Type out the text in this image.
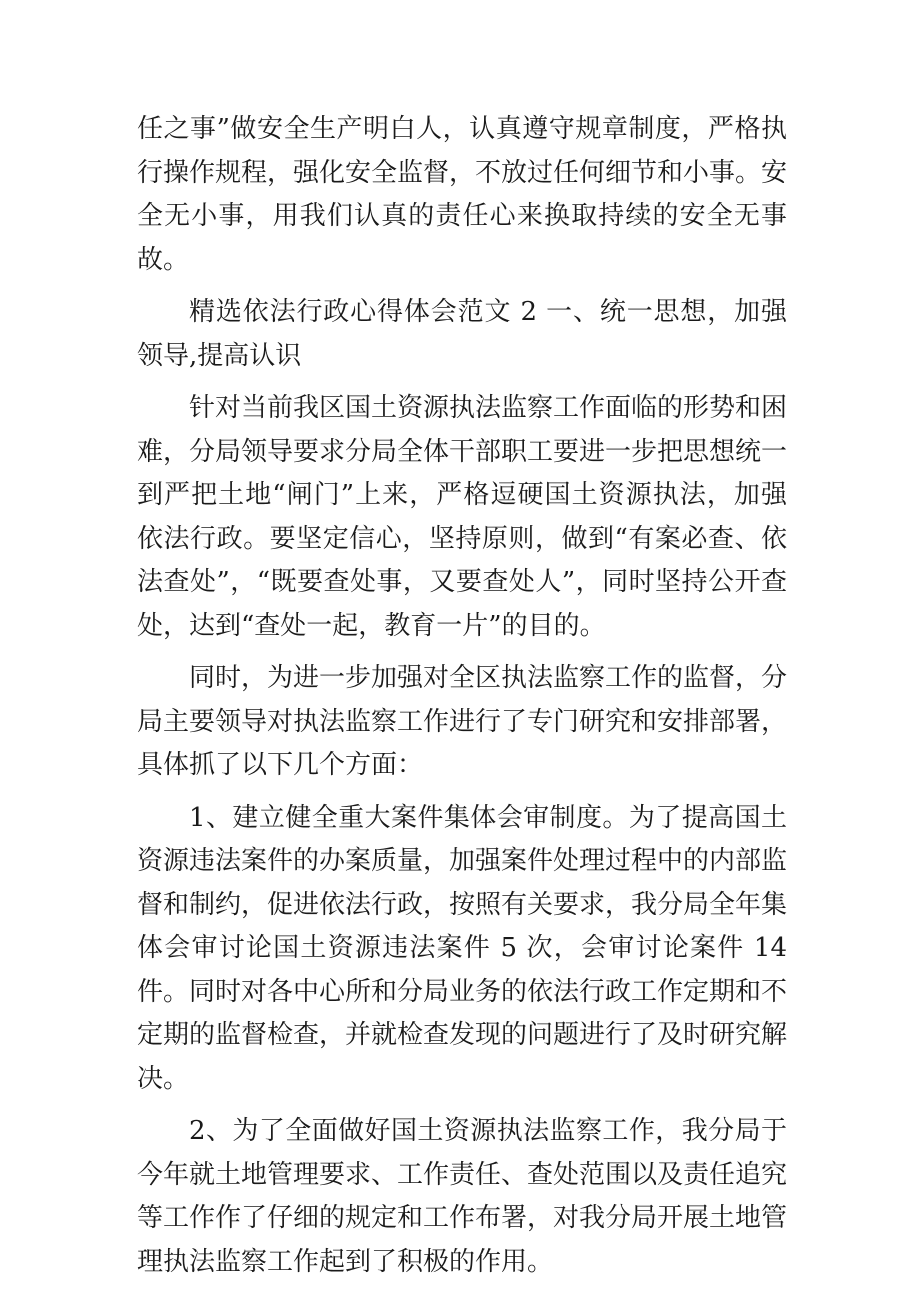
任之事”做安全生产明白人，认真遵守规章制度，严格执行操作规程，强化安全监督，不放过任何细节和小事。安全无小事，用我们认真的责任心来换取持续的安全无事故。

精选依法行政心得体会范文 2 一、统一思想，加强领导,提高认识

针对当前我区国土资源执法监察工作面临的形势和困难，分局领导要求分局全体干部职工要进一步把思想统一到严把土地“闸门”上来，严格逗硬国土资源执法，加强依法行政。要坚定信心，坚持原则，做到“有案必查、依法查处”，“既要查处事，又要查处人”，同时坚持公开查处，达到“查处一起，教育一片”的目的。

同时，为进一步加强对全区执法监察工作的监督，分局主要领导对执法监察工作进行了专门研究和安排部署，具体抓了以下几个方面：

1、建立健全重大案件集体会审制度。为了提高国土资源违法案件的办案质量，加强案件处理过程中的内部监督和制约，促进依法行政，按照有关要求，我分局全年集体会审讨论国土资源违法案件 5 次，会审讨论案件 14 件。同时对各中心所和分局业务的依法行政工作定期和不定期的监督检查，并就检查发现的问题进行了及时研究解决。

2、为了全面做好国土资源执法监察工作，我分局于今年就土地管理要求、工作责任、查处范围以及责任追究等工作作了仔细的规定和工作布署，对我分局开展土地管理执法监察工作起到了积极的作用。
